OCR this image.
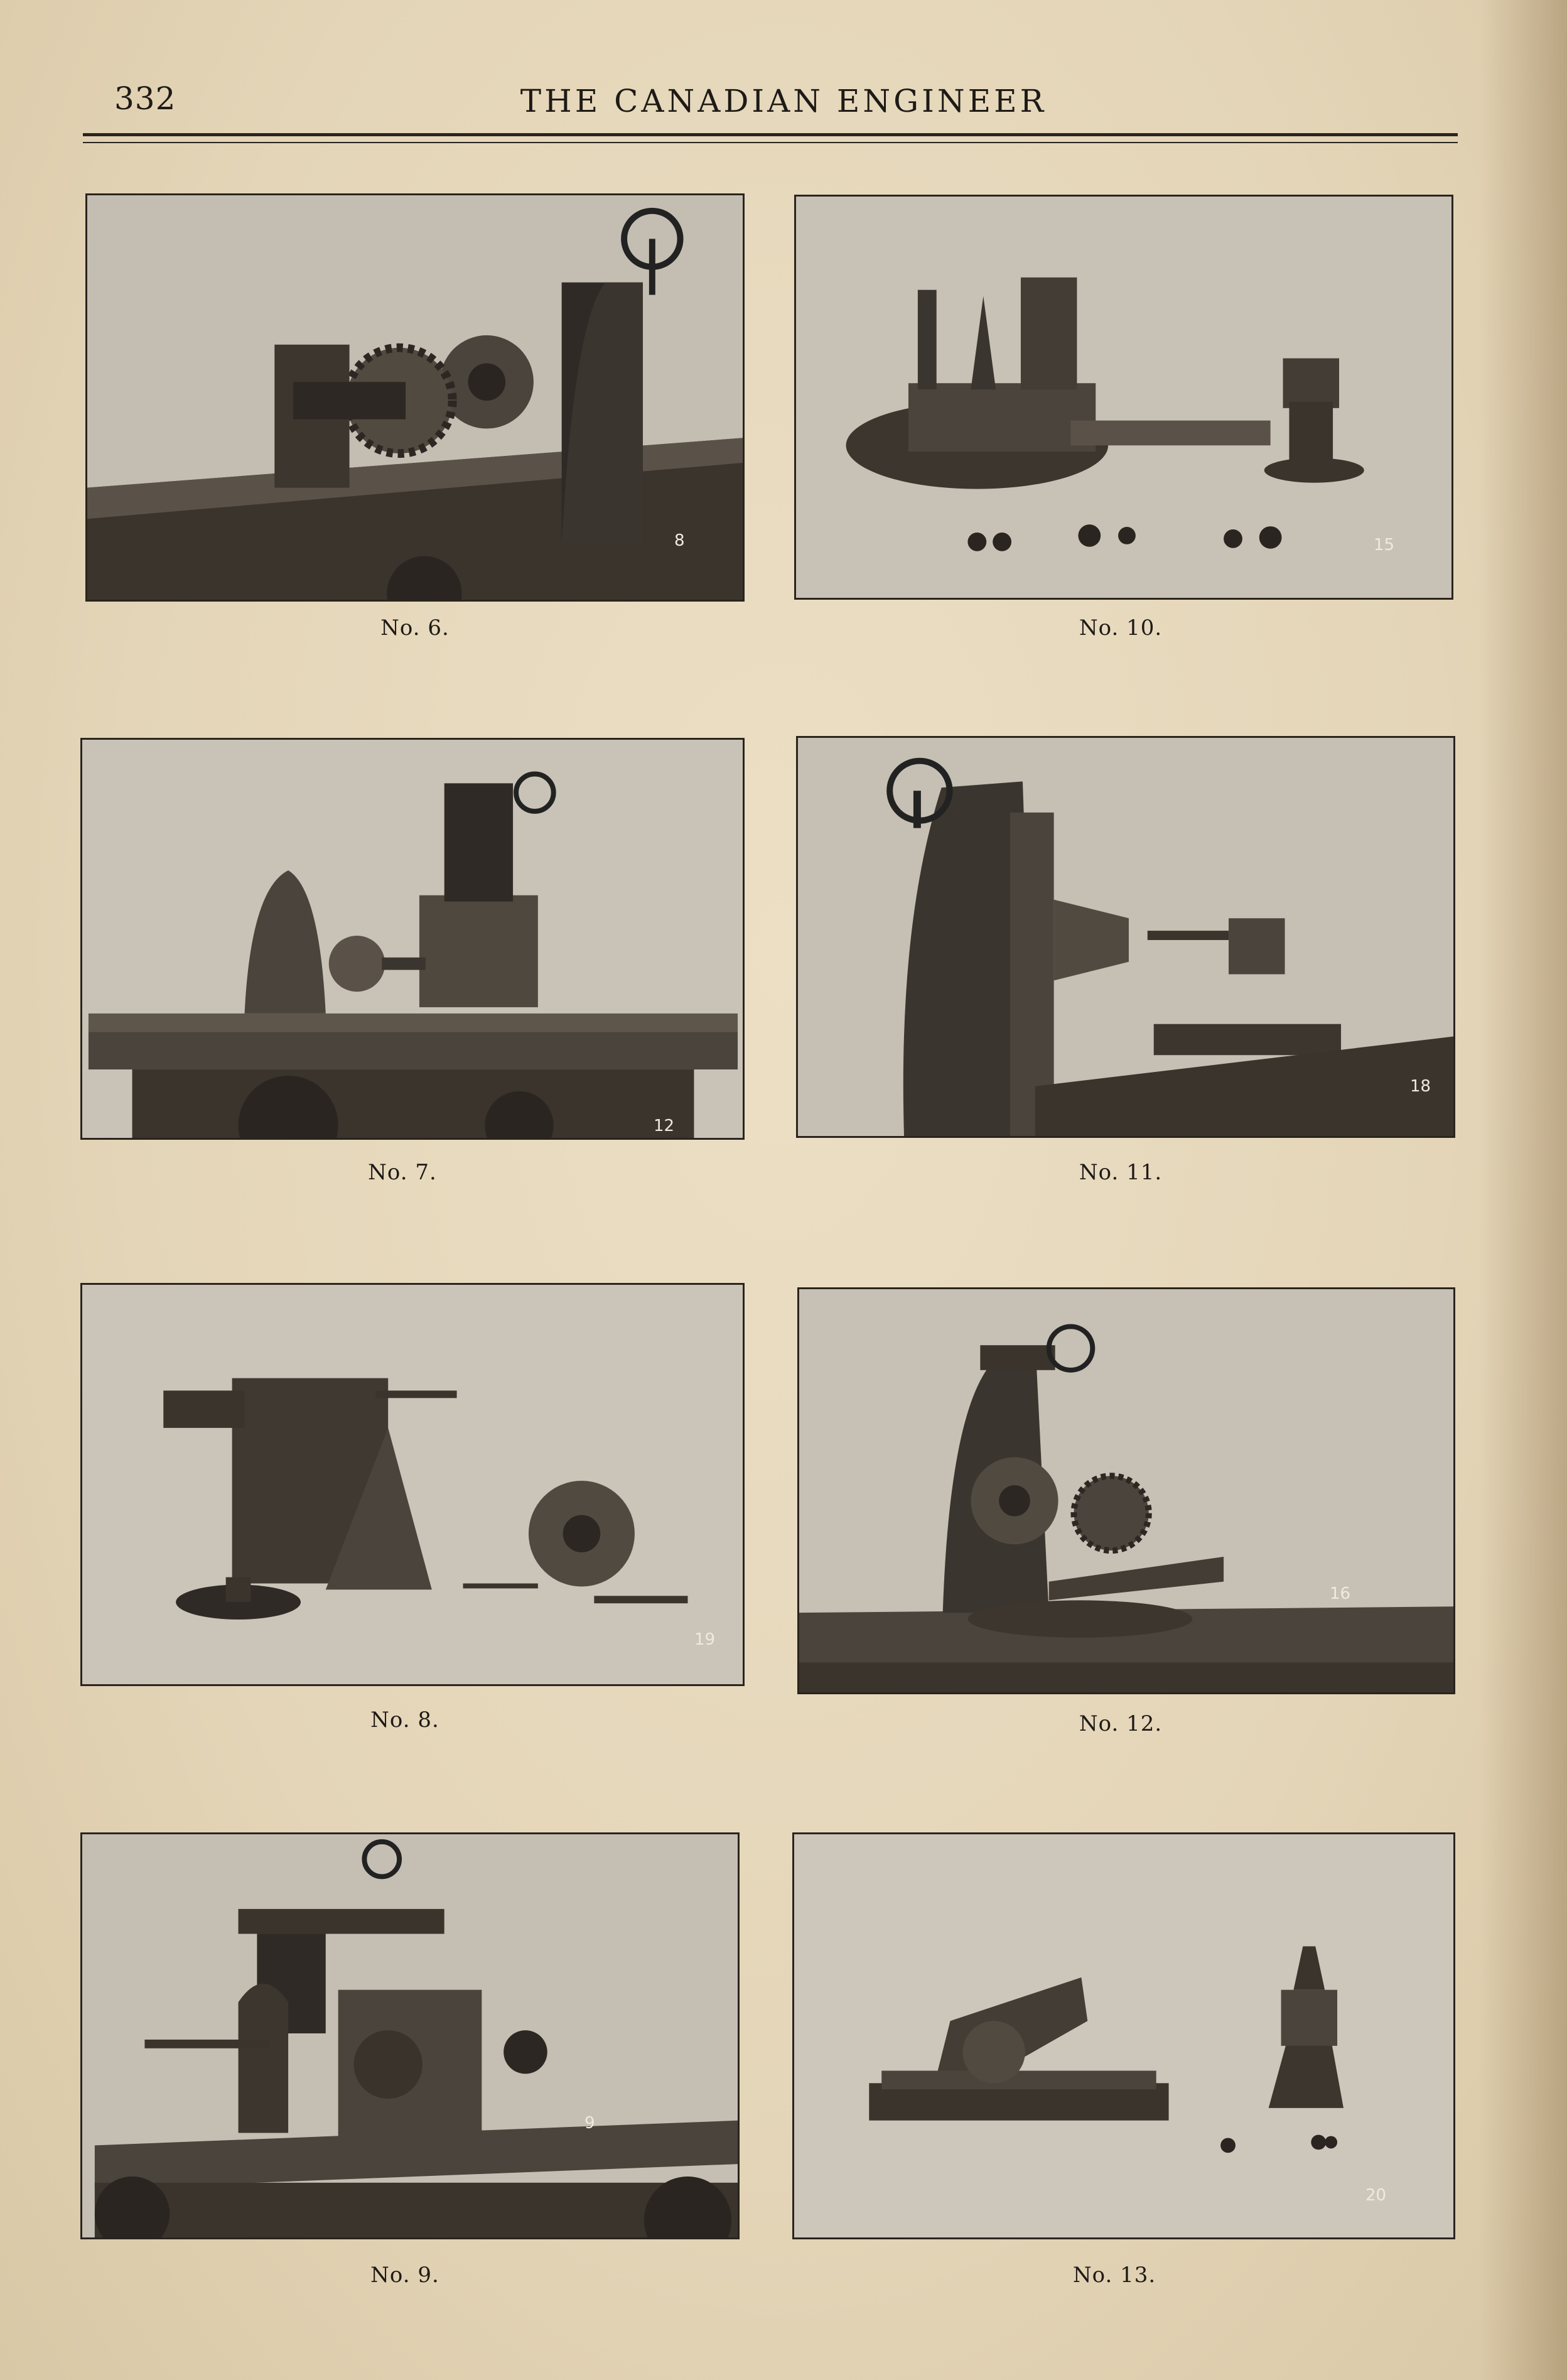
332	THE CANADIAN ENGINEER
8
No. 6.
15
No. 10.
12
No. 7.
18
No. 11.
19
No. 8.
16
No. 12.
9
No. 9.
20
No. 13.
